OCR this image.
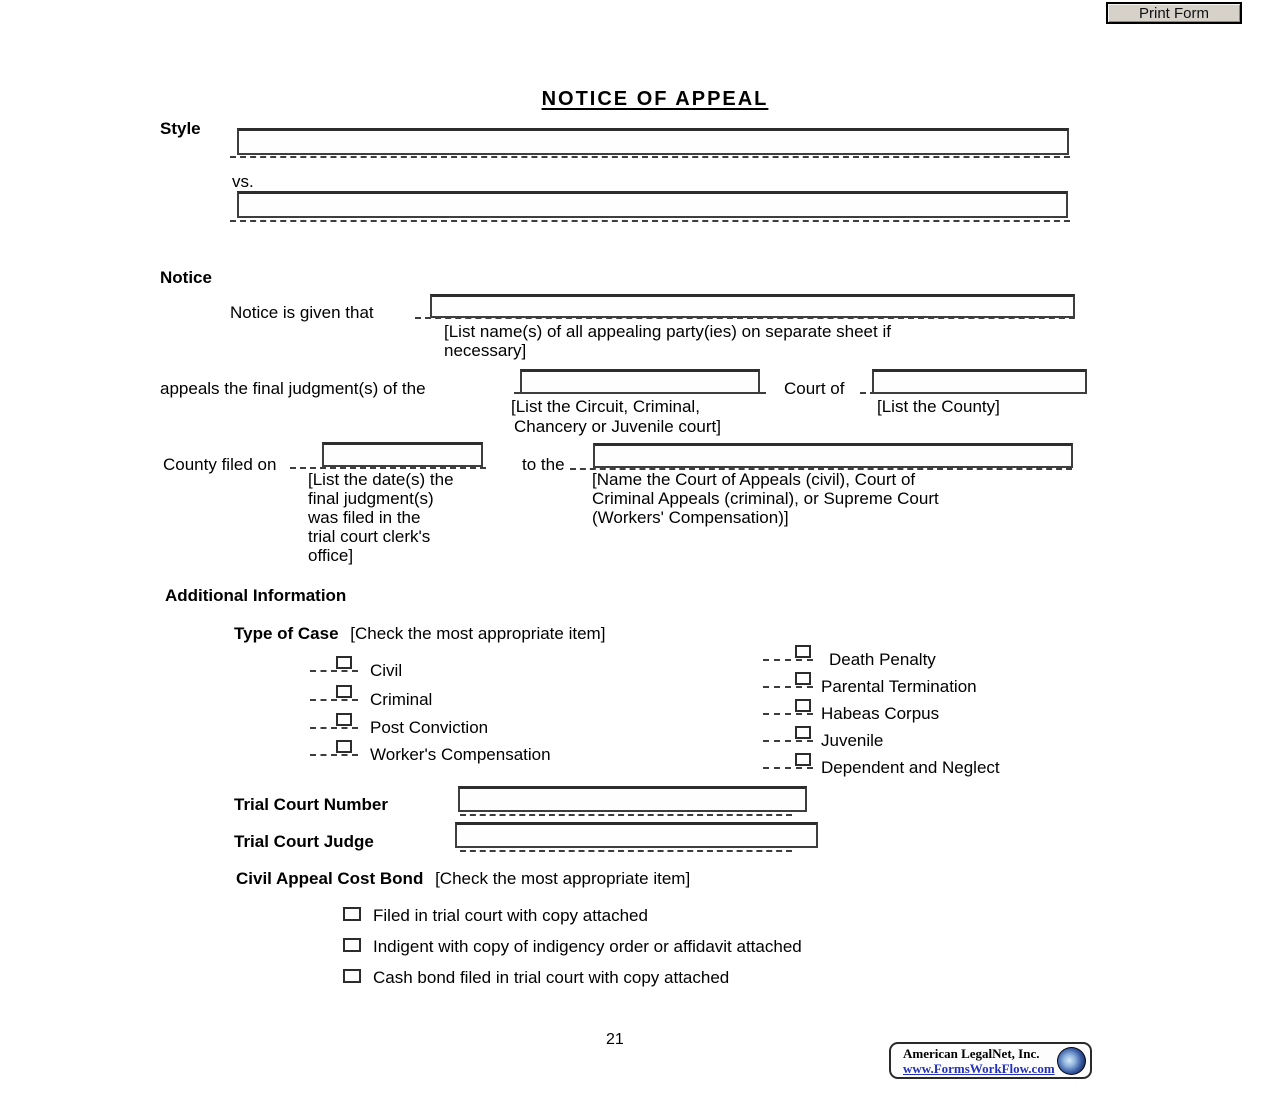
Print Form
NOTICE OF APPEAL
Style
vs.
Notice
Notice is given that
[List name(s) of all appealing party(ies) on separate sheet if
necessary]
appeals the final judgment(s) of the	Court of
[List the Circuit, Criminal,
Chancery or Juvenile court]
[List the County]
County filed on	to the
[List the date(s) the
final judgment(s)
was filed in the
trial court clerk's
office]
[Name the Court of Appeals (civil), Court of
Criminal Appeals (criminal), or Supreme Court
(Workers' Compensation)]
Additional Information
Type of Case [Check the most appropriate item]
Civil
Criminal
Post Conviction
Worker's Compensation
Death Penalty
Parental Termination
Habeas Corpus
Juvenile
Dependent and Neglect
Trial Court Number
Trial Court Judge
Civil Appeal Cost Bond [Check the most appropriate item]
Filed in trial court with copy attached
Indigent with copy of indigency order or affidavit attached
Cash bond filed in trial court with copy attached
21
American LegalNet, Inc.
www.FormsWorkFlow.com
